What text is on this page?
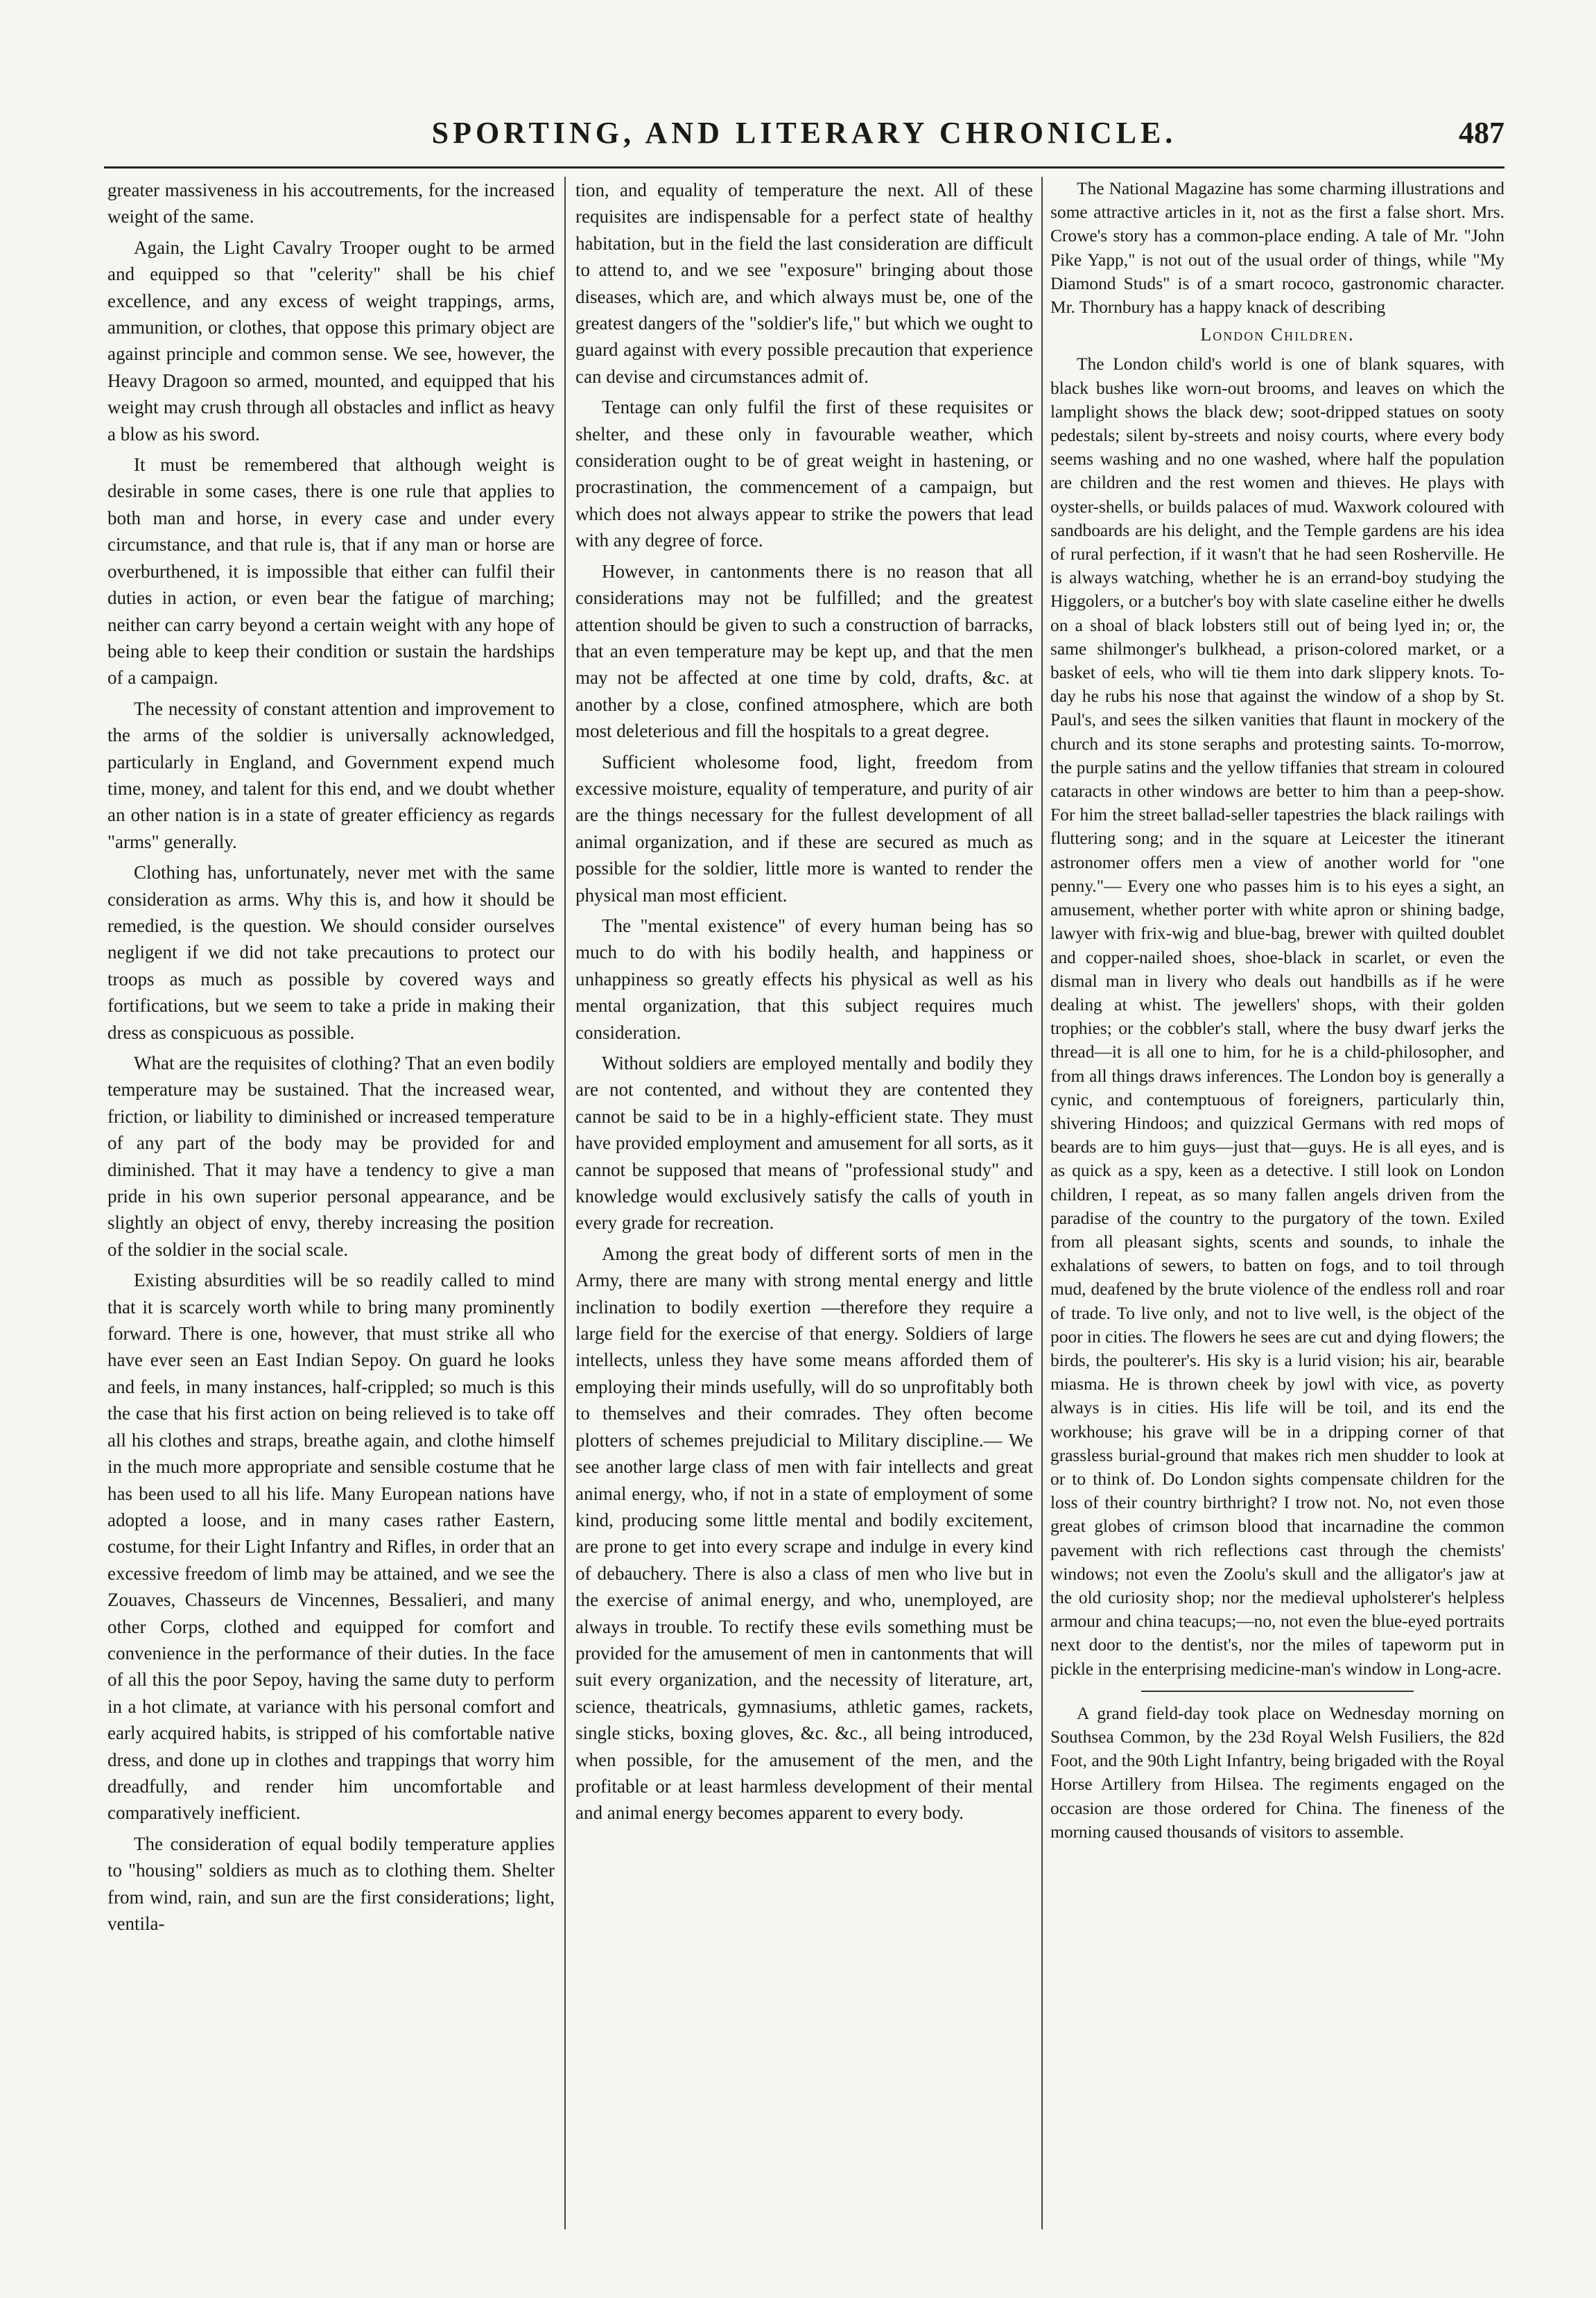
SPORTING, AND LITERARY CHRONICLE.	487

greater massiveness in his accoutrements, for the increased weight of the same.

Again, the Light Cavalry Trooper ought to be armed and equipped so that "celerity" shall be his chief excellence, and any excess of weight trappings, arms, ammunition, or clothes, that oppose this primary object are against principle and common sense. We see, however, the Heavy Dragoon so armed, mounted, and equipped that his weight may crush through all obstacles and inflict as heavy a blow as his sword.

It must be remembered that although weight is desirable in some cases, there is one rule that applies to both man and horse, in every case and under every circumstance, and that rule is, that if any man or horse are overburthened, it is impossible that either can fulfil their duties in action, or even bear the fatigue of marching; neither can carry beyond a certain weight with any hope of being able to keep their condition or sustain the hardships of a campaign.

The necessity of constant attention and improvement to the arms of the soldier is universally acknowledged, particularly in England, and Government expend much time, money, and talent for this end, and we doubt whether an other nation is in a state of greater efficiency as regards "arms" generally.

Clothing has, unfortunately, never met with the same consideration as arms. Why this is, and how it should be remedied, is the question. We should consider ourselves negligent if we did not take precautions to protect our troops as much as possible by covered ways and fortifications, but we seem to take a pride in making their dress as conspicuous as possible.

What are the requisites of clothing? That an even bodily temperature may be sustained. That the increased wear, friction, or liability to diminished or increased temperature of any part of the body may be provided for and diminished. That it may have a tendency to give a man pride in his own superior personal appearance, and be slightly an object of envy, thereby increasing the position of the soldier in the social scale.

Existing absurdities will be so readily called to mind that it is scarcely worth while to bring many prominently forward. There is one, however, that must strike all who have ever seen an East Indian Sepoy. On guard he looks and feels, in many instances, half-crippled; so much is this the case that his first action on being relieved is to take off all his clothes and straps, breathe again, and clothe himself in the much more appropriate and sensible costume that he has been used to all his life. Many European nations have adopted a loose, and in many cases rather Eastern, costume, for their Light Infantry and Rifles, in order that an excessive freedom of limb may be attained, and we see the Zouaves, Chasseurs de Vincennes, Bessalieri, and many other Corps, clothed and equipped for comfort and convenience in the performance of their duties. In the face of all this the poor Sepoy, having the same duty to perform in a hot climate, at variance with his personal comfort and early acquired habits, is stripped of his comfortable native dress, and done up in clothes and trappings that worry him dreadfully, and render him uncomfortable and comparatively inefficient.

The consideration of equal bodily temperature applies to "housing" soldiers as much as to clothing them. Shelter from wind, rain, and sun are the first considerations; light, ventila-

tion, and equality of temperature the next. All of these requisites are indispensable for a perfect state of healthy habitation, but in the field the last consideration are difficult to attend to, and we see "exposure" bringing about those diseases, which are, and which always must be, one of the greatest dangers of the "soldier's life," but which we ought to guard against with every possible precaution that experience can devise and circumstances admit of.

Tentage can only fulfil the first of these requisites or shelter, and these only in favourable weather, which consideration ought to be of great weight in hastening, or procrastination, the commencement of a campaign, but which does not always appear to strike the powers that lead with any degree of force.

However, in cantonments there is no reason that all considerations may not be fulfilled; and the greatest attention should be given to such a construction of barracks, that an even temperature may be kept up, and that the men may not be affected at one time by cold, drafts, &c. at another by a close, confined atmosphere, which are both most deleterious and fill the hospitals to a great degree.

Sufficient wholesome food, light, freedom from excessive moisture, equality of temperature, and purity of air are the things necessary for the fullest development of all animal organization, and if these are secured as much as possible for the soldier, little more is wanted to render the physical man most efficient.

The "mental existence" of every human being has so much to do with his bodily health, and happiness or unhappiness so greatly effects his physical as well as his mental organization, that this subject requires much consideration.

Without soldiers are employed mentally and bodily they are not contented, and without they are contented they cannot be said to be in a highly-efficient state. They must have provided employment and amusement for all sorts, as it cannot be supposed that means of "professional study" and knowledge would exclusively satisfy the calls of youth in every grade for recreation.

Among the great body of different sorts of men in the Army, there are many with strong mental energy and little inclination to bodily exertion —therefore they require a large field for the exercise of that energy. Soldiers of large intellects, unless they have some means afforded them of employing their minds usefully, will do so unprofitably both to themselves and their comrades. They often become plotters of schemes prejudicial to Military discipline.— We see another large class of men with fair intellects and great animal energy, who, if not in a state of employment of some kind, producing some little mental and bodily excitement, are prone to get into every scrape and indulge in every kind of debauchery. There is also a class of men who live but in the exercise of animal energy, and who, unemployed, are always in trouble. To rectify these evils something must be provided for the amusement of men in cantonments that will suit every organization, and the necessity of literature, art, science, theatricals, gymnasiums, athletic games, rackets, single sticks, boxing gloves, &c. &c., all being introduced, when possible, for the amusement of the men, and the profitable or at least harmless development of their mental and animal energy becomes apparent to every body.

The National Magazine has some charming illustrations and some attractive articles in it, not as the first a false short. Mrs. Crowe's story has a common-place ending. A tale of Mr. "John Pike Yapp," is not out of the usual order of things, while "My Diamond Studs" is of a smart rococo, gastronomic character. Mr. Thornbury has a happy knack of describing

London Children.

The London child's world is one of blank squares, with black bushes like worn-out brooms, and leaves on which the lamplight shows the black dew; soot-dripped statues on sooty pedestals; silent by-streets and noisy courts, where every body seems washing and no one washed, where half the population are children and the rest women and thieves. He plays with oyster-shells, or builds palaces of mud. Waxwork coloured with sandboards are his delight, and the Temple gardens are his idea of rural perfection, if it wasn't that he had seen Rosherville. He is always watching, whether he is an errand-boy studying the Higgolers, or a butcher's boy with slate caseline either he dwells on a shoal of black lobsters still out of being lyed in; or, the same shilmonger's bulkhead, a prison-colored market, or a basket of eels, who will tie them into dark slippery knots. To-day he rubs his nose that against the window of a shop by St. Paul's, and sees the silken vanities that flaunt in mockery of the church and its stone seraphs and protesting saints. To-morrow, the purple satins and the yellow tiffanies that stream in coloured cataracts in other windows are better to him than a peep-show. For him the street ballad-seller tapestries the black railings with fluttering song; and in the square at Leicester the itinerant astronomer offers men a view of another world for "one penny."— Every one who passes him is to his eyes a sight, an amusement, whether porter with white apron or shining badge, lawyer with frix-wig and blue-bag, brewer with quilted doublet and copper-nailed shoes, shoe-black in scarlet, or even the dismal man in livery who deals out handbills as if he were dealing at whist. The jewellers' shops, with their golden trophies; or the cobbler's stall, where the busy dwarf jerks the thread—it is all one to him, for he is a child-philosopher, and from all things draws inferences. The London boy is generally a cynic, and contemptuous of foreigners, particularly thin, shivering Hindoos; and quizzical Germans with red mops of beards are to him guys—just that—guys. He is all eyes, and is as quick as a spy, keen as a detective. I still look on London children, I repeat, as so many fallen angels driven from the paradise of the country to the purgatory of the town. Exiled from all pleasant sights, scents and sounds, to inhale the exhalations of sewers, to batten on fogs, and to toil through mud, deafened by the brute violence of the endless roll and roar of trade. To live only, and not to live well, is the object of the poor in cities. The flowers he sees are cut and dying flowers; the birds, the poulterer's. His sky is a lurid vision; his air, bearable miasma. He is thrown cheek by jowl with vice, as poverty always is in cities. His life will be toil, and its end the workhouse; his grave will be in a dripping corner of that grassless burial-ground that makes rich men shudder to look at or to think of. Do London sights compensate children for the loss of their country birthright? I trow not. No, not even those great globes of crimson blood that incarnadine the common pavement with rich reflections cast through the chemists' windows; not even the Zoolu's skull and the alligator's jaw at the old curiosity shop; nor the medieval upholsterer's helpless armour and china teacups;—no, not even the blue-eyed portraits next door to the dentist's, nor the miles of tapeworm put in pickle in the enterprising medicine-man's window in Long-acre.

A grand field-day took place on Wednesday morning on Southsea Common, by the 23d Royal Welsh Fusiliers, the 82d Foot, and the 90th Light Infantry, being brigaded with the Royal Horse Artillery from Hilsea. The regiments engaged on the occasion are those ordered for China. The fineness of the morning caused thousands of visitors to assemble.
